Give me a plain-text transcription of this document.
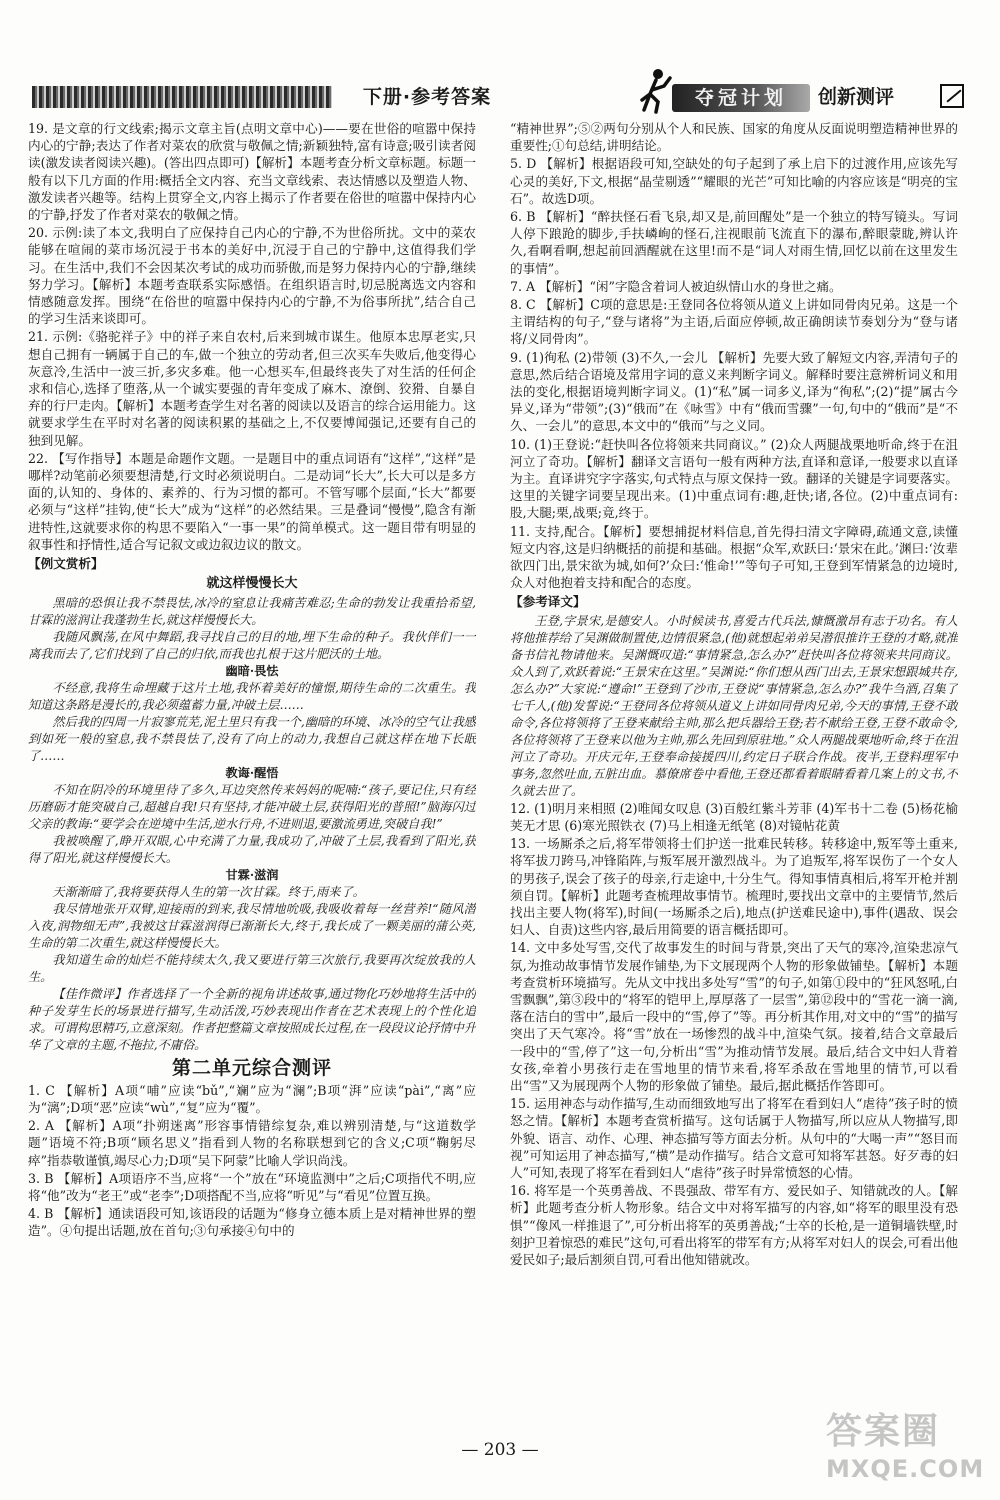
下册·参考答案	夺冠计划	创新测评

19. 是文章的行文线索;揭示文章主旨(点明文章中心)——要在世俗的喧嚣中保持内心的宁静;表达了作者对菜农的欣赏与敬佩之情;新颖独特,富有诗意;吸引读者阅读(激发读者阅读兴趣)。(答出四点即可)【解析】本题考查分析文章标题。标题一般有以下几方面的作用:概括全文内容、充当文章线索、表达情感以及塑造人物、激发读者兴趣等。结构上贯穿全文,内容上揭示了作者要在俗世的喧嚣中保持内心的宁静,抒发了作者对菜农的敬佩之情。

20. 示例:读了本文,我明白了应保持自己内心的宁静,不为世俗所扰。文中的菜农能够在喧闹的菜市场沉浸于书本的美好中,沉浸于自己的宁静中,这值得我们学习。在生活中,我们不会因某次考试的成功而骄傲,而是努力保持内心的宁静,继续努力学习。【解析】本题考查联系实际感悟。在组织语言时,切忌脱离选文内容和情感随意发挥。围绕“在俗世的喧嚣中保持内心的宁静,不为俗事所扰”,结合自己的学习生活来谈即可。

21. 示例:《骆驼祥子》中的祥子来自农村,后来到城市谋生。他原本忠厚老实,只想自己拥有一辆属于自己的车,做一个独立的劳动者,但三次买车失败后,他变得心灰意冷,生活中一波三折,多灾多难。他一心想买车,但最终丧失了对生活的任何企求和信心,选择了堕落,从一个诚实要强的青年变成了麻木、潦倒、狡猾、自暴自弃的行尸走肉。【解析】本题考查学生对名著的阅读以及语言的综合运用能力。这就要求学生在平时对名著的阅读积累的基础之上,不仅要博闻强记,还要有自己的独到见解。

22. 【写作指导】本题是命题作文题。一是题目中的重点词语有“这样”,“这样”是哪样?动笔前必须要想清楚,行文时必须说明白。二是动词“长大”,长大可以是多方面的,认知的、身体的、素养的、行为习惯的都可。不管写哪个层面,“长大”都要必须与“这样”挂钩,使“长大”成为“这样”的必然结果。三是叠词“慢慢”,隐含有渐进特性,这就要求你的构思不要陷入“一事一果”的简单模式。这一题目带有明显的叙事性和抒情性,适合写记叙文或边叙边议的散文。

【例文赏析】
就这样慢慢长大

黑暗的恐惧让我不禁畏怯,冰冷的窒息让我痛苦难忍;生命的勃发让我重拾希望,甘霖的滋润让我蓬勃生长,就这样慢慢长大。

我随风飘荡,在风中舞蹈,我寻找自己的目的地,埋下生命的种子。我伙伴们一一离我而去了,它们找到了自己的归依,而我也扎根于这片肥沃的土地。

幽暗·畏怯

不经意,我将生命埋藏于这片土地,我怀着美好的憧憬,期待生命的二次重生。我知道这条路是漫长的,我必须蕴蓄力量,冲破土层……

然后我的四周一片寂寥荒芜,泥土里只有我一个,幽暗的环境、冰冷的空气让我感到如死一般的窒息,我不禁畏怯了,没有了向上的动力,我想自己就这样在地下长眠了……

教诲·醒悟

不知在阴冷的环境里待了多久,耳边突然传来妈妈的呢喃:“孩子,要记住,只有经历磨砺才能突破自己,超越自我!只有坚持,才能冲破土层,获得阳光的普照!”脑海闪过父亲的教诲:“要学会在逆境中生活,逆水行舟,不进则退,要激流勇进,突破自我!”

我被唤醒了,睁开双眼,心中充满了力量,我成功了,冲破了土层,我看到了阳光,获得了阳光,就这样慢慢长大。

甘霖·滋润

天渐渐暗了,我将要获得人生的第一次甘霖。终于,雨来了。

我尽情地张开双臂,迎接雨的到来,我尽情地吮吸,我吸收着每一丝营养!“随风潜入夜,润物细无声”,我被这甘霖滋润得已渐渐长大,终于,我长成了一颗美丽的蒲公英,生命的第二次重生,就这样慢慢长大。

我知道生命的灿烂不能持续太久,我又要进行第三次旅行,我要再次绽放我的人生。

【佳作微评】作者选择了一个全新的视角讲述故事,通过物化巧妙地将生活中的种子发芽生长的场景进行描写,生动活泼,巧妙表现出作者在艺术表现上的个性化追求。可谓构思精巧,立意深刻。作者把整篇文章按照成长过程,在一段段议论抒情中升华了文章的主题,不拖拉,不庸俗。

第二单元综合测评

1. C 【解析】A项“哺”应读“bǔ”,“斓”应为“澜”;B项“湃”应读“pài”,“离”应为“漓”;D项“恶”应读“wù”,“复”应为“覆”。

2. A 【解析】A项“扑朔迷离”形容事情错综复杂,难以辨别清楚,与“这道数学题”语境不符;B项“顾名思义”指看到人物的名称联想到它的含义;C项“鞠躬尽瘁”指恭敬谨慎,竭尽心力;D项“吴下阿蒙”比喻人学识尚浅。

3. B 【解析】A项语序不当,应将“一个”放在“环境监测中”之后;C项指代不明,应将“他”改为“老王”或“老李”;D项搭配不当,应将“听见”与“看见”位置互换。

4. B 【解析】通读语段可知,该语段的话题为“修身立德本质上是对精神世界的塑造”。④句提出话题,放在首句;③句承接④句中的

“精神世界”;⑤②两句分别从个人和民族、国家的角度从反面说明塑造精神世界的重要性;①句总结,讲明结论。

5. D 【解析】根据语段可知,空缺处的句子起到了承上启下的过渡作用,应该先写心灵的美好,下文,根据“晶莹剔透”“耀眼的光芒”可知比喻的内容应该是“明亮的宝石”。故选D项。

6. B 【解析】“醉扶怪石看飞泉,却又是,前回醒处”是一个独立的特写镜头。写词人停下踉跄的脚步,手扶嶙峋的怪石,注视眼前飞流直下的瀑布,醉眼蒙眬,辨认许久,看啊看啊,想起前回酒醒就在这里!而不是“词人对雨生情,回忆以前在这里发生的事情”。

7. A 【解析】“闲”字隐含着词人被迫纵情山水的身世之痛。

8. C 【解析】C项的意思是:王登同各位将领从道义上讲如同骨肉兄弟。这是一个主谓结构的句子,“登与诸将”为主语,后面应停顿,故正确朗读节奏划分为“登与诸将/义同骨肉”。

9. (1)徇私 (2)带领 (3)不久,一会儿 【解析】先要大致了解短文内容,弄清句子的意思,然后结合语境及常用字词的意义来判断字词义。解释时要注意辨析词义和用法的变化,根据语境判断字词义。(1)“私”属一词多义,译为“徇私”;(2)“提”属古今异义,译为“带领”;(3)“俄而”在《咏雪》中有“俄而雪骤”一句,句中的“俄而”是“不久、一会儿”的意思,本文中的“俄而”与之义同。

10. (1)王登说:“赶快叫各位将领来共同商议。” (2)众人两腿战栗地听命,终于在沮河立了奇功。【解析】翻译文言语句一般有两种方法,直译和意译,一般要求以直译为主。直译讲究字字落实,句式特点与原文保持一致。翻译的关键是字词要落实。这里的关键字词要呈现出来。(1)中重点词有:趣,赶快;诸,各位。(2)中重点词有:股,大腿;栗,战栗;竟,终于。

11. 支持,配合。【解析】要想捕捉材料信息,首先得扫清文字障碍,疏通文意,读懂短文内容,这是归纳概括的前提和基础。根据“众军,欢跃曰:‘景宋在此。’渊曰:‘汝辈欲四门出,景宋欲为城,如何?’众曰:‘惟命!’”等句子可知,王登到军情紧急的边境时,众人对他抱着支持和配合的态度。

【参考译文】

王登,字景宋,是德安人。小时候读书,喜爱古代兵法,慷慨激昂有志于功名。有人将他推荐给了吴渊做制置使,边情很紧急,(他)就想起弟弟吴潜很推许王登的才略,就准备书信礼物请他来。吴渊慨叹道:“事情紧急,怎么办?”赶快叫各位将领来共同商议。众人到了,欢跃着说:“王景宋在这里。”吴渊说:“你们想从西门出去,王景宋想跟城共存,怎么办?”大家说:“遵命!”王登到了沙市,王登说“事情紧急,怎么办?”我牛刍酒,召集了七千人,(他)发誓说:“王登同各位将领从道义上讲如同骨肉兄弟,今天的事情,王登不敢命令,各位将领将了王登来献给主帅,那么把兵器给王登;若不献给王登,王登不敢命令,各位将领将了王登来以他为主帅,那么先回到原驻地。”众人两腿战栗地听命,终于在沮河立了奇功。开庆元年,王登奉命接援四川,约定日子联合作战。夜半,王登料理军中事务,忽然吐血,五脏出血。慕僚席卷中看他,王登还都看着眼睛看着几案上的文书,不久就去世了。

12. (1)明月来相照 (2)唯闻女叹息 (3)百般红紫斗芳菲 (4)军书十二卷 (5)杨花榆荚无才思 (6)寒光照铁衣 (7)马上相逢无纸笔 (8)对镜帖花黄

13. 一场厮杀之后,将军带领将士们护送一批难民转移。转移途中,叛军等土重来,将军拔刀跨马,冲锋陷阵,与叛军展开激烈战斗。为了追叛军,将军误伤了一个女人的男孩子,误会了孩子的母亲,行走途中,十分生气。得知事情真相后,将军开枪并割须自罚。【解析】此题考查梳理故事情节。梳理时,要找出文章中的主要情节,然后找出主要人物(将军),时间(一场厮杀之后),地点(护送难民途中),事件(遇敌、误会妇人、自责)这些内容,最后用简要的语言概括即可。

14. 文中多处写雪,交代了故事发生的时间与背景,突出了天气的寒冷,渲染悲凉气氛,为推动故事情节发展作铺垫,为下文展现两个人物的形象做铺垫。【解析】本题考查赏析环境描写。先从文中找出多处写“雪”的句子,如第①段中的“狂风怒吼,白雪飘飘”,第③段中的“将军的铠甲上,厚厚落了一层雪”,第⑫段中的“雪花一滴一滴,落在洁白的雪中”,最后一段中的“雪,停了”等。再分析其作用,对文中的“雪”的描写突出了天气寒冷。将“雪”放在一场惨烈的战斗中,渲染气氛。接着,结合文章最后一段中的“雪,停了”这一句,分析出“雪”为推动情节发展。最后,结合文中妇人背着女孩,牵着小男孩行走在雪地里的情节来看,将军杀敌在雪地里的情节,可以看出“雪”又为展现两个人物的形象做了铺垫。最后,据此概括作答即可。

15. 运用神态与动作描写,生动而细致地写出了将军在看到妇人“虐待”孩子时的愤怒之情。【解析】本题考查赏析描写。这句话属于人物描写,所以应从人物描写,即外貌、语言、动作、心理、神态描写等方面去分析。从句中的“大喝一声”“怒目而视”可知运用了神态描写,“横”是动作描写。结合文意可知将军甚怒。好歹毒的妇人”可知,表现了将军在看到妇人“虐待”孩子时异常愤怒的心情。

16. 将军是一个英勇善战、不畏强敌、带军有方、爱民如子、知错就改的人。【解析】此题考查分析人物形象。结合文中对将军描写的内容,如“将军的眼里没有恐惧”“像风一样推退了”,可分析出将军的英勇善战;“士卒的长枪,是一道铜墙铁壁,时刻护卫着惊恐的难民”这句,可看出将军的带军有方;从将军对妇人的误会,可看出他爱民如子;最后割须自罚,可看出他知错就改。

— 203 —	答案圈
MXQE.COM
